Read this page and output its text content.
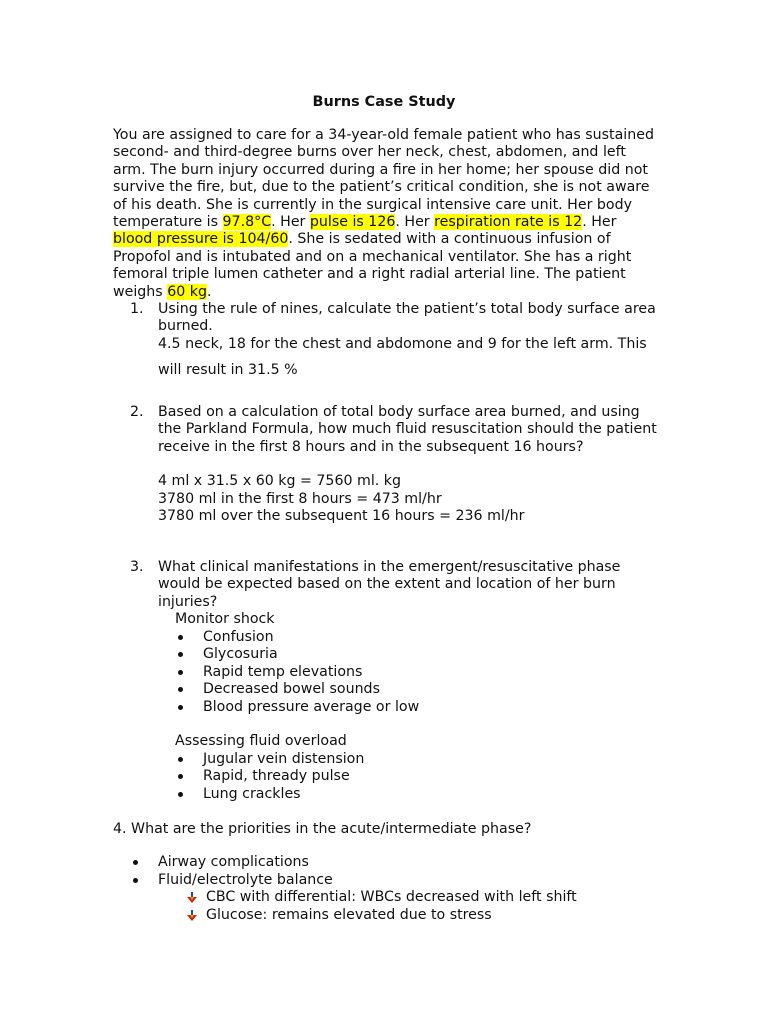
Burns Case Study
You are assigned to care for a 34-year-old female patient who has sustained second- and third-degree burns over her neck, chest, abdomen, and left arm. The burn injury occurred during a fire in her home; her spouse did not survive the fire, but, due to the patient’s critical condition, she is not aware of his death. She is currently in the surgical intensive care unit. Her body temperature is 97.8°C. Her pulse is 126. Her respiration rate is 12. Her blood pressure is 104/60. She is sedated with a continuous infusion of Propofol and is intubated and on a mechanical ventilator. She has a right femoral triple lumen catheter and a right radial arterial line. The patient weighs 60 kg.
1. Using the rule of nines, calculate the patient’s total body surface area burned.
4.5 neck, 18 for the chest and abdomone and 9 for the left arm. This
will result in 31.5 %
2. Based on a calculation of total body surface area burned, and using the Parkland Formula, how much fluid resuscitation should the patient receive in the first 8 hours and in the subsequent 16 hours?
4 ml x 31.5 x 60 kg = 7560 ml. kg
3780 ml in the first 8 hours = 473 ml/hr
3780 ml over the subsequent 16 hours = 236 ml/hr
3. What clinical manifestations in the emergent/resuscitative phase would be expected based on the extent and location of her burn injuries?
Monitor shock
Confusion
Glycosuria
Rapid temp elevations
Decreased bowel sounds
Blood pressure average or low
Assessing fluid overload
Jugular vein distension
Rapid, thready pulse
Lung crackles
4. What are the priorities in the acute/intermediate phase?
Airway complications
Fluid/electrolyte balance
CBC with differential: WBCs decreased with left shift
Glucose: remains elevated due to stress
